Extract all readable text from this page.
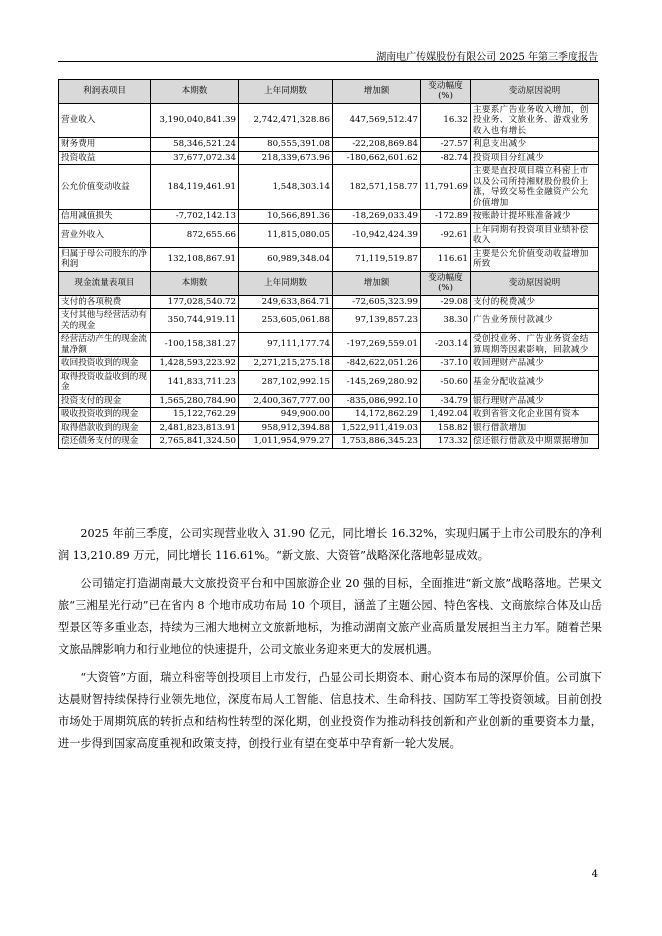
湖南电广传媒股份有限公司 2025 年第三季度报告
利润表项目	本期数	上年同期数	增加额	变动幅度(%)	变动原因说明
营业收入	3,190,040,841.39	2,742,471,328.86	447,569,512.47	16.32	主要系广告业务收入增加，创投业务、文旅业务、游戏业务收入也有增长
财务费用	58,346,521.24	80,555,391.08	-22,208,869.84	-27.57	利息支出减少
投资收益	37,677,072.34	218,339,673.96	-180,662,601.62	-82.74	投资项目分红减少
公允价值变动收益	184,119,461.91	1,548,303.14	182,571,158.77	11,791.69	主要是直投项目瑞立科密上市以及公司所持湘财股份股价上涨，导致交易性金融资产公允价值增加
信用减值损失	-7,702,142.13	10,566,891.36	-18,269,033.49	-172.89	按账龄计提坏账准备减少
营业外收入	872,655.66	11,815,080.05	-10,942,424.39	-92.61	上年同期有投资项目业绩补偿收入
归属于母公司股东的净利润	132,108,867.91	60,989,348.04	71,119,519.87	116.61	主要是公允价值变动收益增加所致
现金流量表项目	本期数	上年同期数	增加额	变动幅度(%)	变动原因说明
支付的各项税费	177,028,540.72	249,633,864.71	-72,605,323.99	-29.08	支付的税费减少
支付其他与经营活动有关的现金	350,744,919.11	253,605,061.88	97,139,857.23	38.30	广告业务预付款减少
经营活动产生的现金流量净额	-100,158,381.27	97,111,177.74	-197,269,559.01	-203.14	受创投业务、广告业务资金结算周期等因素影响，回款减少
收回投资收到的现金	1,428,593,223.92	2,271,215,275.18	-842,622,051.26	-37.10	收回理财产品减少
取得投资收益收到的现金	141,833,711.23	287,102,992.15	-145,269,280.92	-50.60	基金分配收益减少
投资支付的现金	1,565,280,784.90	2,400,367,777.00	-835,086,992.10	-34.79	银行理财产品减少
吸收投资收到的现金	15,122,762.29	949,900.00	14,172,862.29	1,492.04	收到省管文化企业国有资本
取得借款收到的现金	2,481,823,813.91	958,912,394.88	1,522,911,419.03	158.82	银行借款增加
偿还债务支付的现金	2,765,841,324.50	1,011,954,979.27	1,753,886,345.23	173.32	偿还银行借款及中期票据增加

2025 年前三季度，公司实现营业收入 31.90 亿元，同比增长 16.32%，实现归属于上市公司股东的净利润 13,210.89 万元，同比增长 116.61%。“新文旅、大资管”战略深化落地彰显成效。

公司锚定打造湖南最大文旅投资平台和中国旅游企业 20 强的目标，全面推进“新文旅”战略落地。芒果文旅“三湘星光行动”已在省内 8 个地市成功布局 10 个项目，涵盖了主题公园、特色客栈、文商旅综合体及山岳型景区等多重业态，持续为三湘大地树立文旅新地标，为推动湖南文旅产业高质量发展担当主力军。随着芒果文旅品牌影响力和行业地位的快速提升，公司文旅业务迎来更大的发展机遇。

“大资管”方面，瑞立科密等创投项目上市发行，凸显公司长期资本、耐心资本布局的深厚价值。公司旗下达晨财智持续保持行业领先地位，深度布局人工智能、信息技术、生命科技、国防军工等投资领域。目前创投市场处于周期筑底的转折点和结构性转型的深化期，创业投资作为推动科技创新和产业创新的重要资本力量，进一步得到国家高度重视和政策支持，创投行业有望在变革中孕育新一轮大发展。

4
